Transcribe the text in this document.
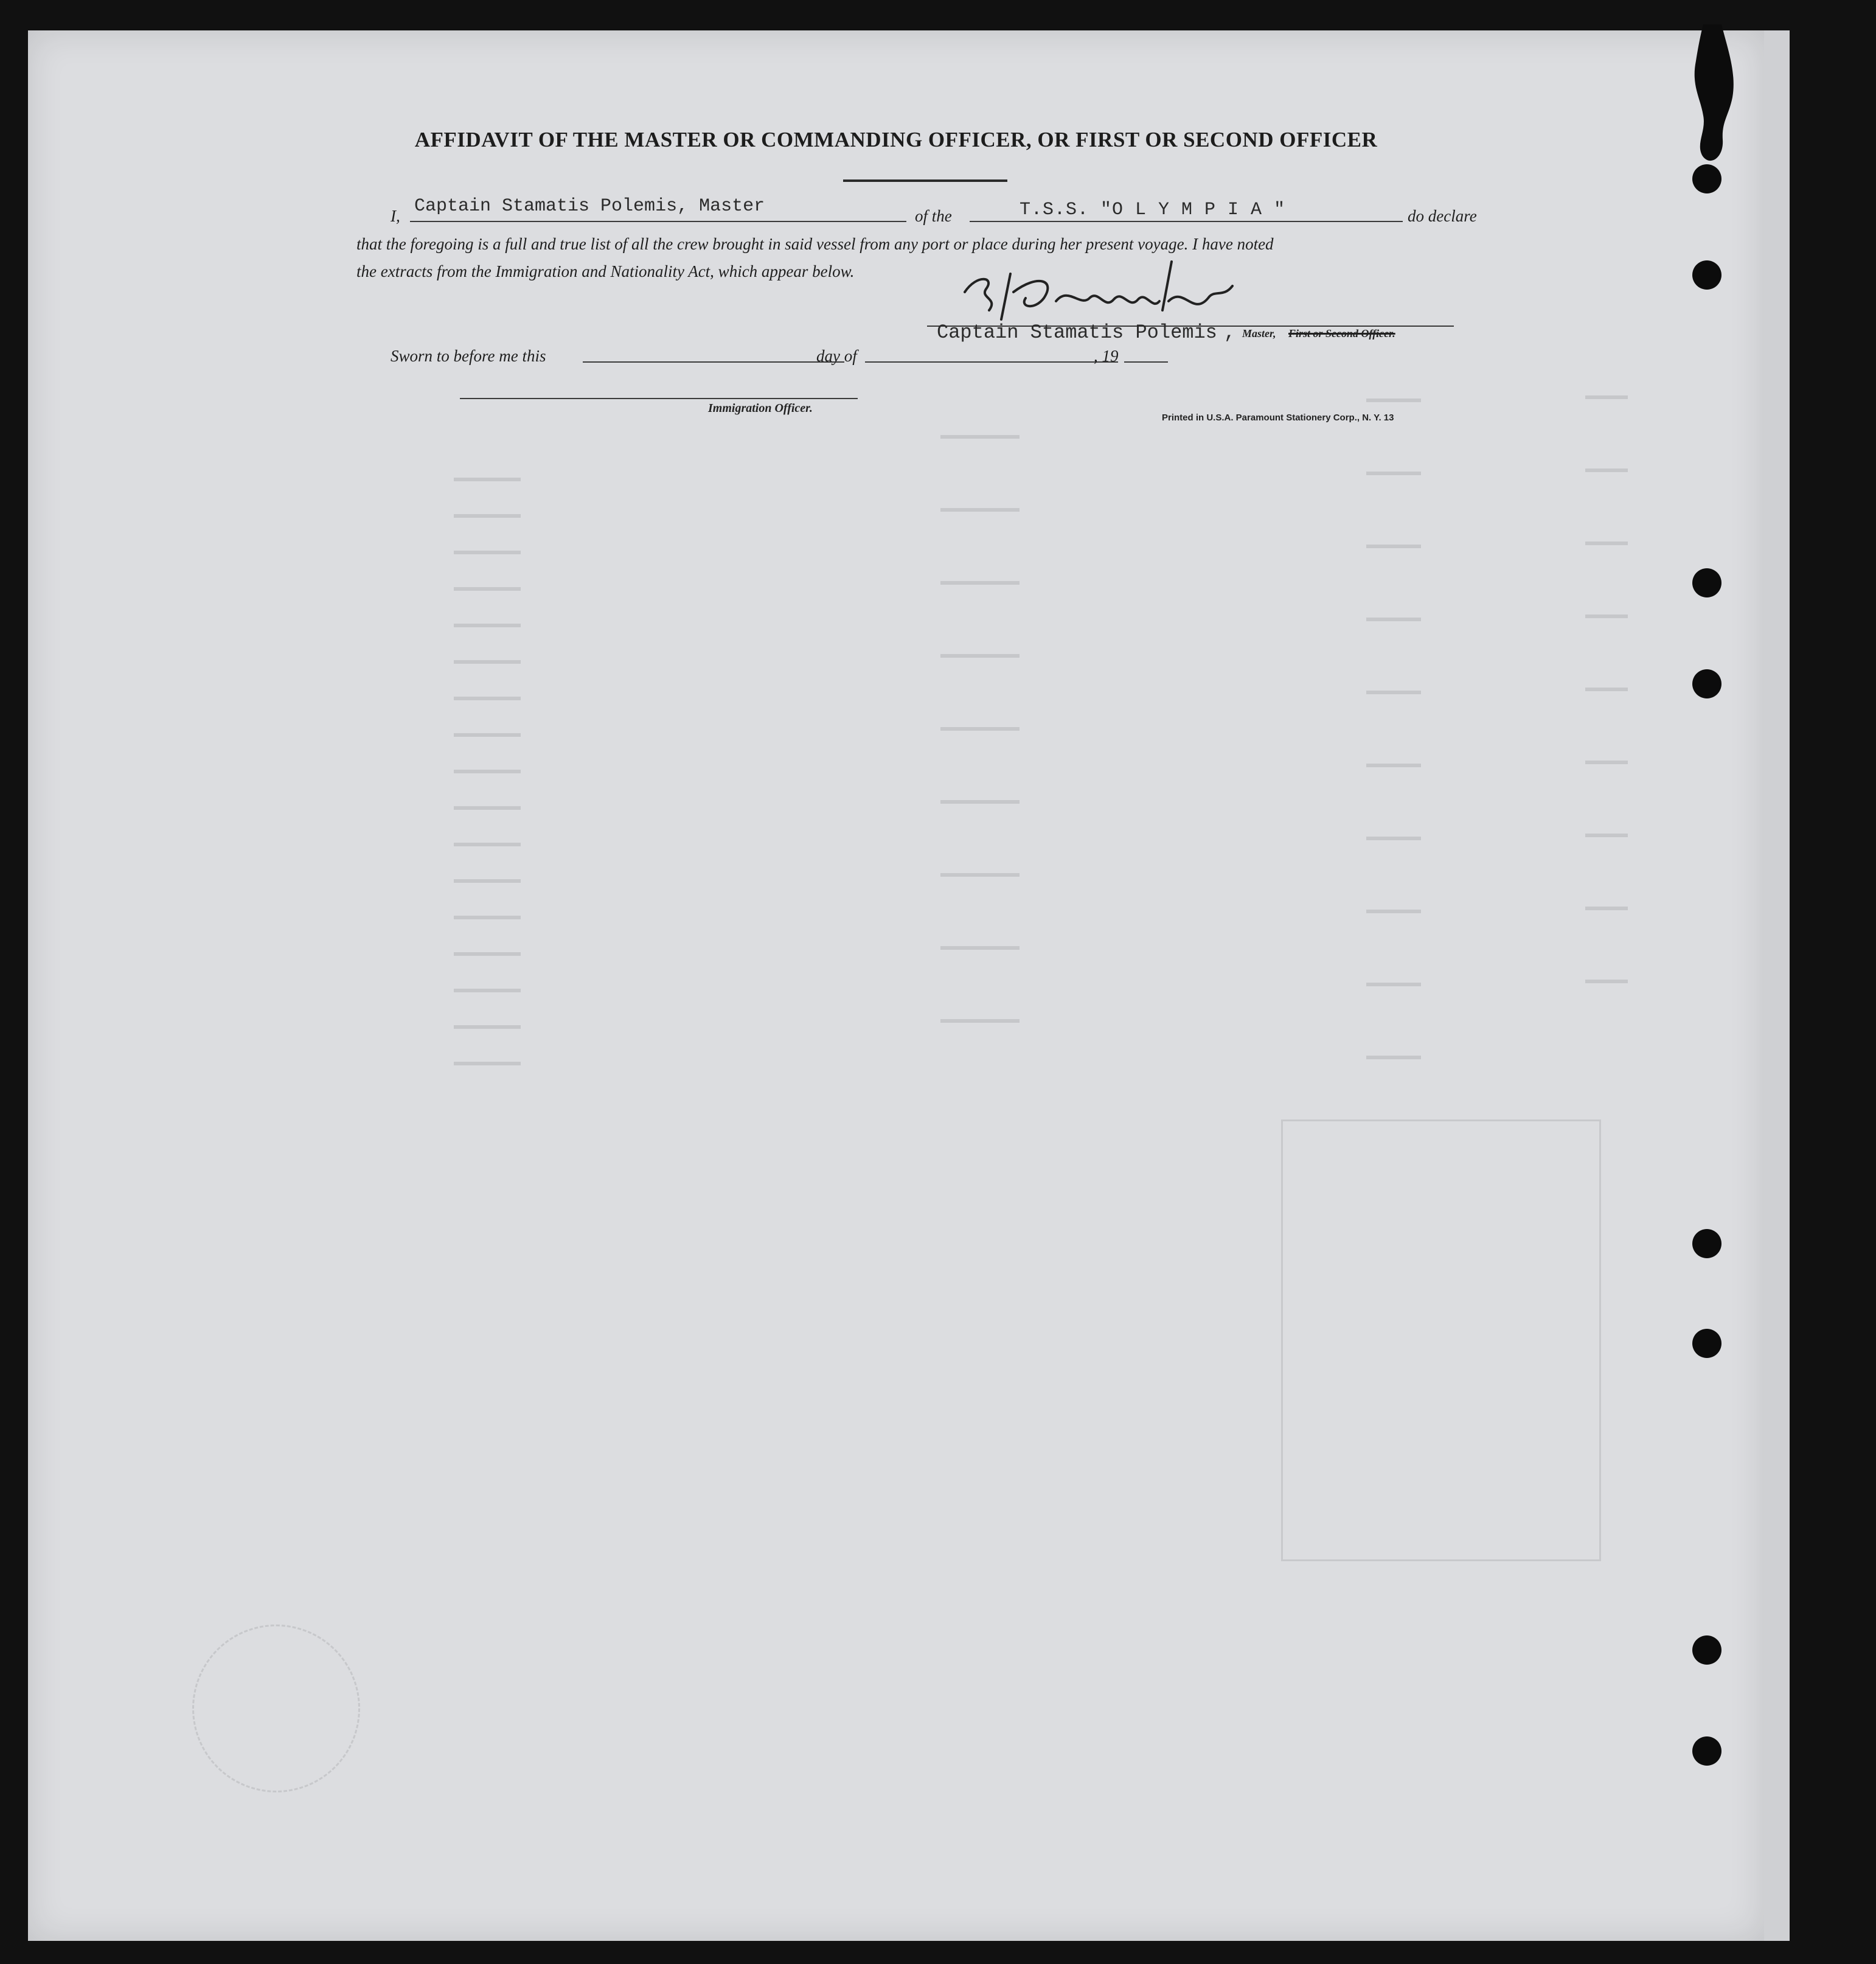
AFFIDAVIT OF THE MASTER OR COMMANDING OFFICER, OR FIRST OR SECOND OFFICER
I, Captain Stamatis Polemis, Master	of the	T.S.S. "O L Y M P I A "	do declare
that the foregoing is a full and true list of all the crew brought in said vessel from any port or place during her present voyage. I have noted
the extracts from the Immigration and Nationality Act, which appear below.
Captain Stamatis Polemis , Master, First or Second Officer.
Sworn to before me this	day of	, 19
Immigration Officer.
Printed in U.S.A. Paramount Stationery Corp., N. Y. 13
